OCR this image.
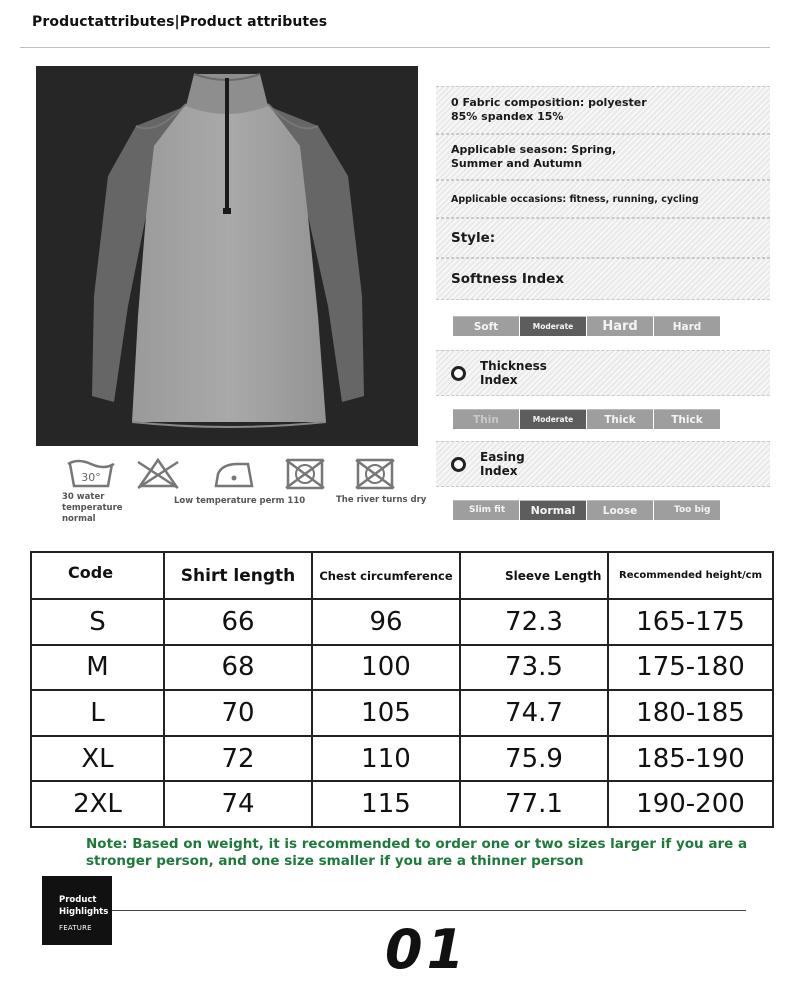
Productattributes|Product attributes
0 Fabric composition: polyester 85% spandex 15%
Applicable season: Spring, Summer and Autumn
Applicable occasions: fitness, running, cycling
Style:
Softness Index
Soft	Moderate	Hard	Hard
Thickness Index
Thin	Moderate	Thick	Thick
Easing Index
Slim fit	Normal	Loose	Too big
30°
30 water temperature normal
Low temperature perm 110	The river turns dry
Code	Shirt length	Chest circumference	Sleeve Length	Recommended height/cm
S	66	96	72.3	165-175
M	68	100	73.5	175-180
L	70	105	74.7	180-185
XL	72	110	75.9	185-190
2XL	74	115	77.1	190-200
Note: Based on weight, it is recommended to order one or two sizes larger if you are a stronger person, and one size smaller if you are a thinner person
Product
Highlights
FEATURE	01
